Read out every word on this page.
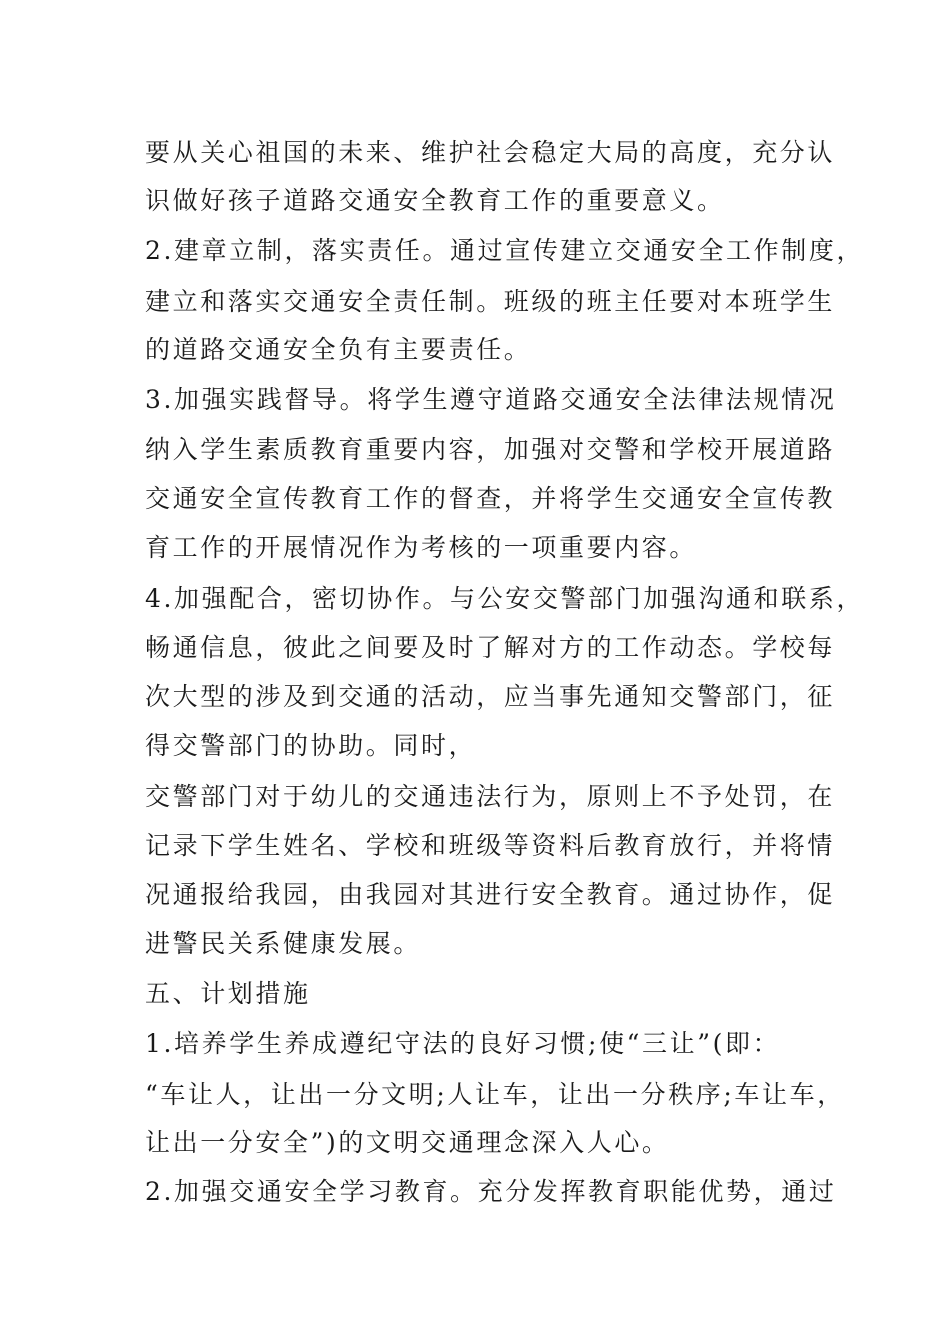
要从关心祖国的未来、维护社会稳定大局的高度，充分认
识做好孩子道路交通安全教育工作的重要意义。
2.建章立制，落实责任。通过宣传建立交通安全工作制度，
建立和落实交通安全责任制。班级的班主任要对本班学生
的道路交通安全负有主要责任。
3.加强实践督导。将学生遵守道路交通安全法律法规情况
纳入学生素质教育重要内容，加强对交警和学校开展道路
交通安全宣传教育工作的督查，并将学生交通安全宣传教
育工作的开展情况作为考核的一项重要内容。
4.加强配合，密切协作。与公安交警部门加强沟通和联系，
畅通信息，彼此之间要及时了解对方的工作动态。学校每
次大型的涉及到交通的活动，应当事先通知交警部门，征
得交警部门的协助。同时，
交警部门对于幼儿的交通违法行为，原则上不予处罚，在
记录下学生姓名、学校和班级等资料后教育放行，并将情
况通报给我园，由我园对其进行安全教育。通过协作，促
进警民关系健康发展。
五、计划措施
1.培养学生养成遵纪守法的良好习惯;使“三让”(即：
“车让人，让出一分文明;人让车，让出一分秩序;车让车，
让出一分安全”)的文明交通理念深入人心。
2.加强交通安全学习教育。充分发挥教育职能优势，通过
